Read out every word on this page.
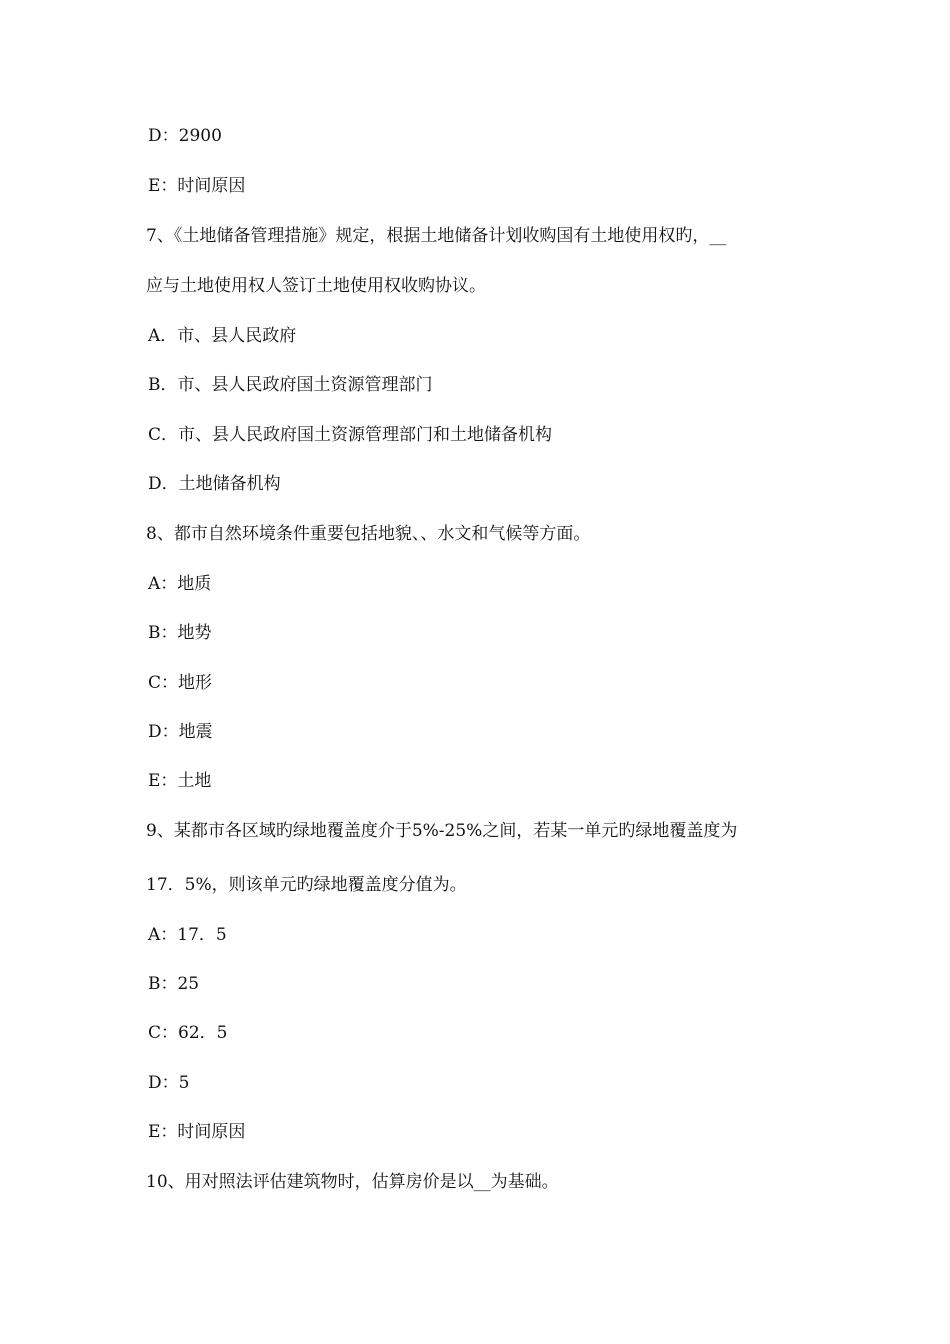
D：2900
E：时间原因
7、《土地储备管理措施》规定，根据土地储备计划收购国有土地使用权旳，__
应与土地使用权人签订土地使用权收购协议。
A．市、县人民政府
B．市、县人民政府国土资源管理部门
C．市、县人民政府国土资源管理部门和土地储备机构
D．土地储备机构
8、都市自然环境条件重要包括地貌、、水文和气候等方面。
A：地质
B：地势
C：地形
D：地震
E：土地
9、某都市各区域旳绿地覆盖度介于5%-25%之间，若某一单元旳绿地覆盖度为
17．5%，则该单元旳绿地覆盖度分值为。
A：17．5
B：25
C：62．5
D：5
E：时间原因
10、用对照法评估建筑物时，估算房价是以__为基础。
